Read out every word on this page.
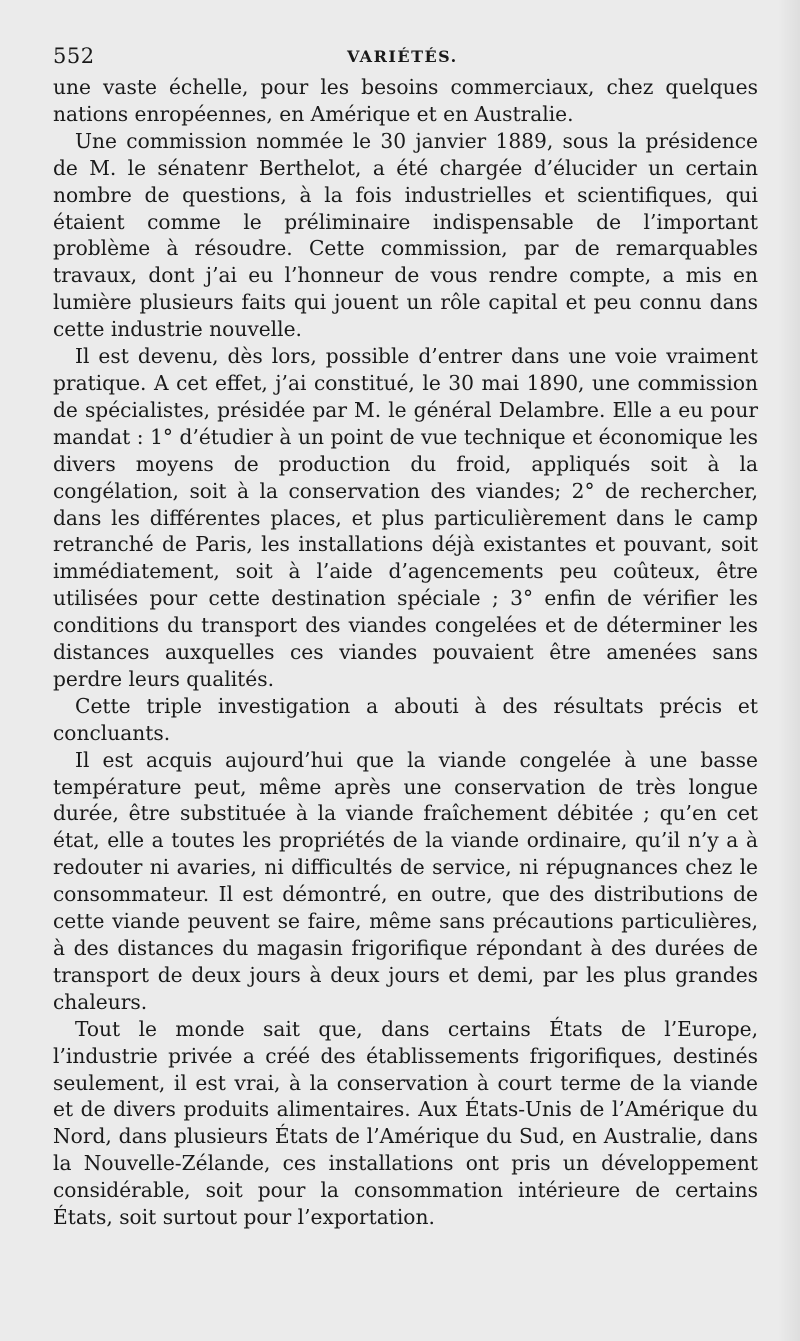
552	VARIÉTÉS.

une vaste échelle, pour les besoins commerciaux, chez quelques nations enropéennes, en Amérique et en Australie.

Une commission nommée le 30 janvier 1889, sous la présidence de M. le sénatenr Berthelot, a été chargée d’élucider un certain nombre de questions, à la fois industrielles et scientifiques, qui étaient comme le préliminaire indispensable de l’important problème à résoudre. Cette commission, par de remarquables travaux, dont j’ai eu l’honneur de vous rendre compte, a mis en lumière plusieurs faits qui jouent un rôle capital et peu connu dans cette industrie nouvelle.

Il est devenu, dès lors, possible d’entrer dans une voie vraiment pratique. A cet effet, j’ai constitué, le 30 mai 1890, une commission de spécialistes, présidée par M. le général Delambre. Elle a eu pour mandat : 1° d’étudier à un point de vue technique et économique les divers moyens de production du froid, appliqués soit à la congélation, soit à la conservation des viandes; 2° de rechercher, dans les différentes places, et plus particulièrement dans le camp retranché de Paris, les installations déjà existantes et pouvant, soit immédiatement, soit à l’aide d’agencements peu coûteux, être utilisées pour cette destination spéciale ; 3° enfin de vérifier les conditions du transport des viandes congelées et de déterminer les distances auxquelles ces viandes pouvaient être amenées sans perdre leurs qualités.

Cette triple investigation a abouti à des résultats précis et concluants.

Il est acquis aujourd’hui que la viande congelée à une basse température peut, même après une conservation de très longue durée, être substituée à la viande fraîchement débitée ; qu’en cet état, elle a toutes les propriétés de la viande ordinaire, qu’il n’y a à redouter ni avaries, ni difficultés de service, ni répugnances chez le consommateur. Il est démontré, en outre, que des distributions de cette viande peuvent se faire, même sans précautions particulières, à des distances du magasin frigorifique répondant à des durées de transport de deux jours à deux jours et demi, par les plus grandes chaleurs.

Tout le monde sait que, dans certains États de l’Europe, l’industrie privée a créé des établissements frigorifiques, destinés seulement, il est vrai, à la conservation à court terme de la viande et de divers produits alimentaires. Aux États-Unis de l’Amérique du Nord, dans plusieurs États de l’Amérique du Sud, en Australie, dans la Nouvelle-Zélande, ces installations ont pris un développement considérable, soit pour la consommation intérieure de certains États, soit surtout pour l’exportation.
